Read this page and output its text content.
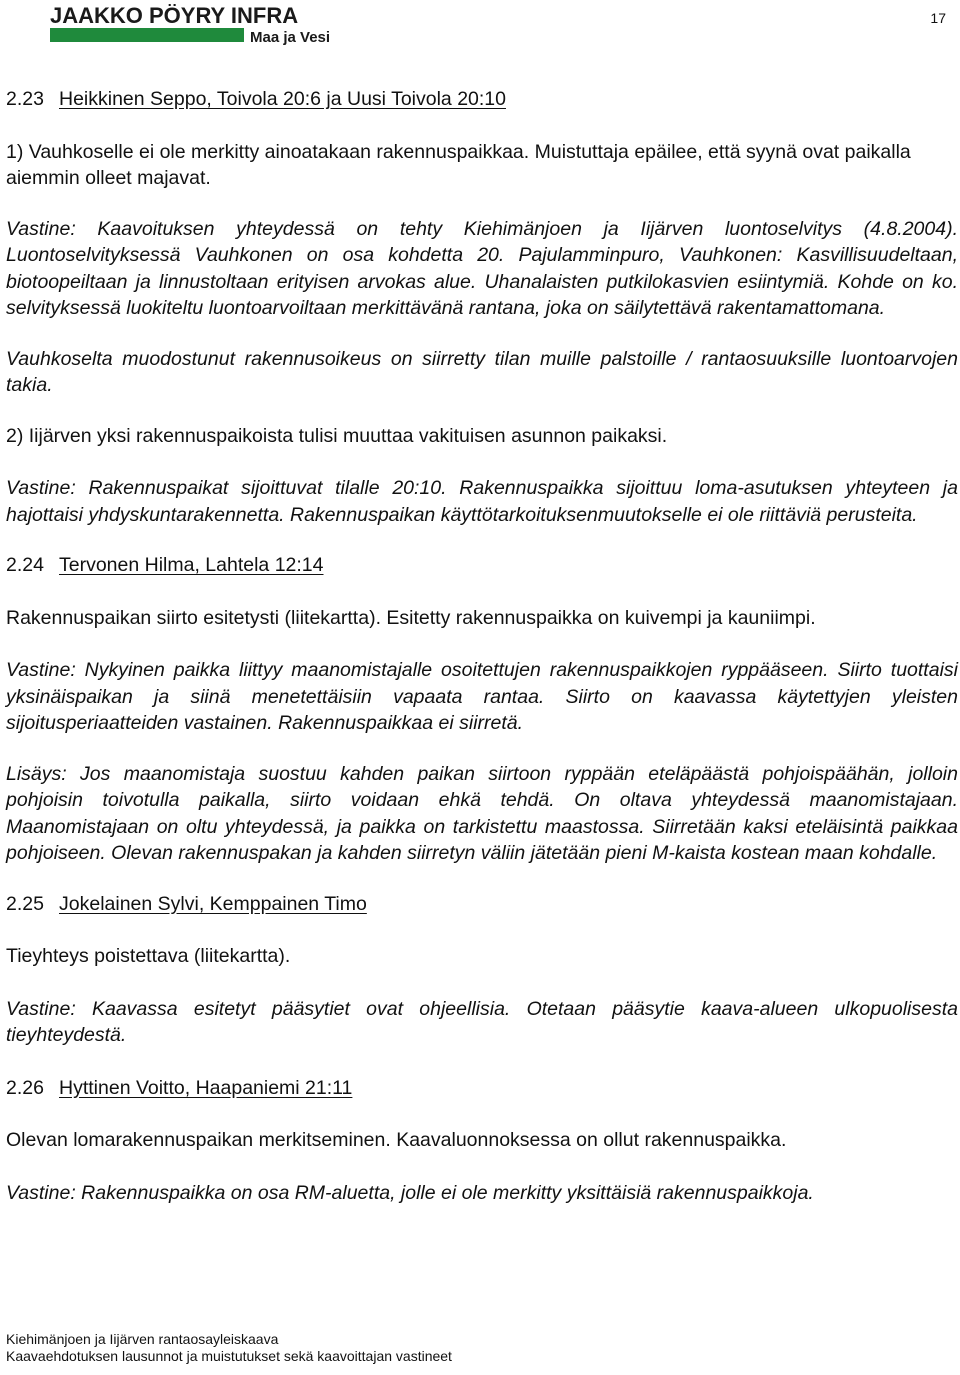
JAAKKO PÖYRY INFRA
Maa ja Vesi
17

2.23 Heikkinen Seppo, Toivola 20:6 ja Uusi Toivola 20:10

1) Vauhkoselle ei ole merkitty ainoatakaan rakennuspaikkaa. Muistuttaja epäilee, että syynä ovat paikalla aiemmin olleet majavat.

Vastine: Kaavoituksen yhteydessä on tehty Kiehimänjoen ja Iijärven luontoselvitys (4.8.2004). Luontoselvityksessä Vauhkonen on osa kohdetta 20. Pajulamminpuro, Vauhkonen: Kasvillisuudeltaan, biotoopeiltaan ja linnustoltaan erityisen arvokas alue. Uhanalaisten putkilokasvien esiintymiä. Kohde on ko. selvityksessä luokiteltu luontoarvoiltaan merkittävänä rantana, joka on säilytettävä rakentamattomana.

Vauhkoselta muodostunut rakennusoikeus on siirretty tilan muille palstoille / rantaosuuksille luontoarvojen takia.

2) Iijärven yksi rakennuspaikoista tulisi muuttaa vakituisen asunnon paikaksi.

Vastine: Rakennuspaikat sijoittuvat tilalle 20:10. Rakennuspaikka sijoittuu loma-asutuksen yhteyteen ja hajottaisi yhdyskuntarakennetta. Rakennuspaikan käyttötarkoituksenmuutokselle ei ole riittäviä perusteita.

2.24 Tervonen Hilma, Lahtela 12:14

Rakennuspaikan siirto esitetysti (liitekartta). Esitetty rakennuspaikka on kuivempi ja kauniimpi.

Vastine: Nykyinen paikka liittyy maanomistajalle osoitettujen rakennuspaikkojen ryppääseen. Siirto tuottaisi yksinäispaikan ja siinä menetettäisiin vapaata rantaa. Siirto on kaavassa käytettyjen yleisten sijoitusperiaatteiden vastainen. Rakennuspaikkaa ei siirretä.

Lisäys: Jos maanomistaja suostuu kahden paikan siirtoon ryppään eteläpäästä pohjoispäähän, jolloin pohjoisin toivotulla paikalla, siirto voidaan ehkä tehdä. On oltava yhteydessä maanomistajaan. Maanomistajaan on oltu yhteydessä, ja paikka on tarkistettu maastossa. Siirretään kaksi eteläisintä paikkaa pohjoiseen. Olevan rakennuspakan ja kahden siirretyn väliin jätetään pieni M-kaista kostean maan kohdalle.

2.25 Jokelainen Sylvi, Kemppainen Timo

Tieyhteys poistettava (liitekartta).

Vastine: Kaavassa esitetyt pääsytiet ovat ohjeellisia. Otetaan pääsytie kaava-alueen ulkopuolisesta tieyhteydestä.

2.26 Hyttinen Voitto, Haapaniemi 21:11

Olevan lomarakennuspaikan merkitseminen. Kaavaluonnoksessa on ollut rakennuspaikka.

Vastine: Rakennuspaikka on osa RM-aluetta, jolle ei ole merkitty yksittäisiä rakennuspaikkoja.

Kiehimänjoen ja Iijärven rantaosayleiskaava
Kaavaehdotuksen lausunnot ja muistutukset sekä kaavoittajan vastineet
